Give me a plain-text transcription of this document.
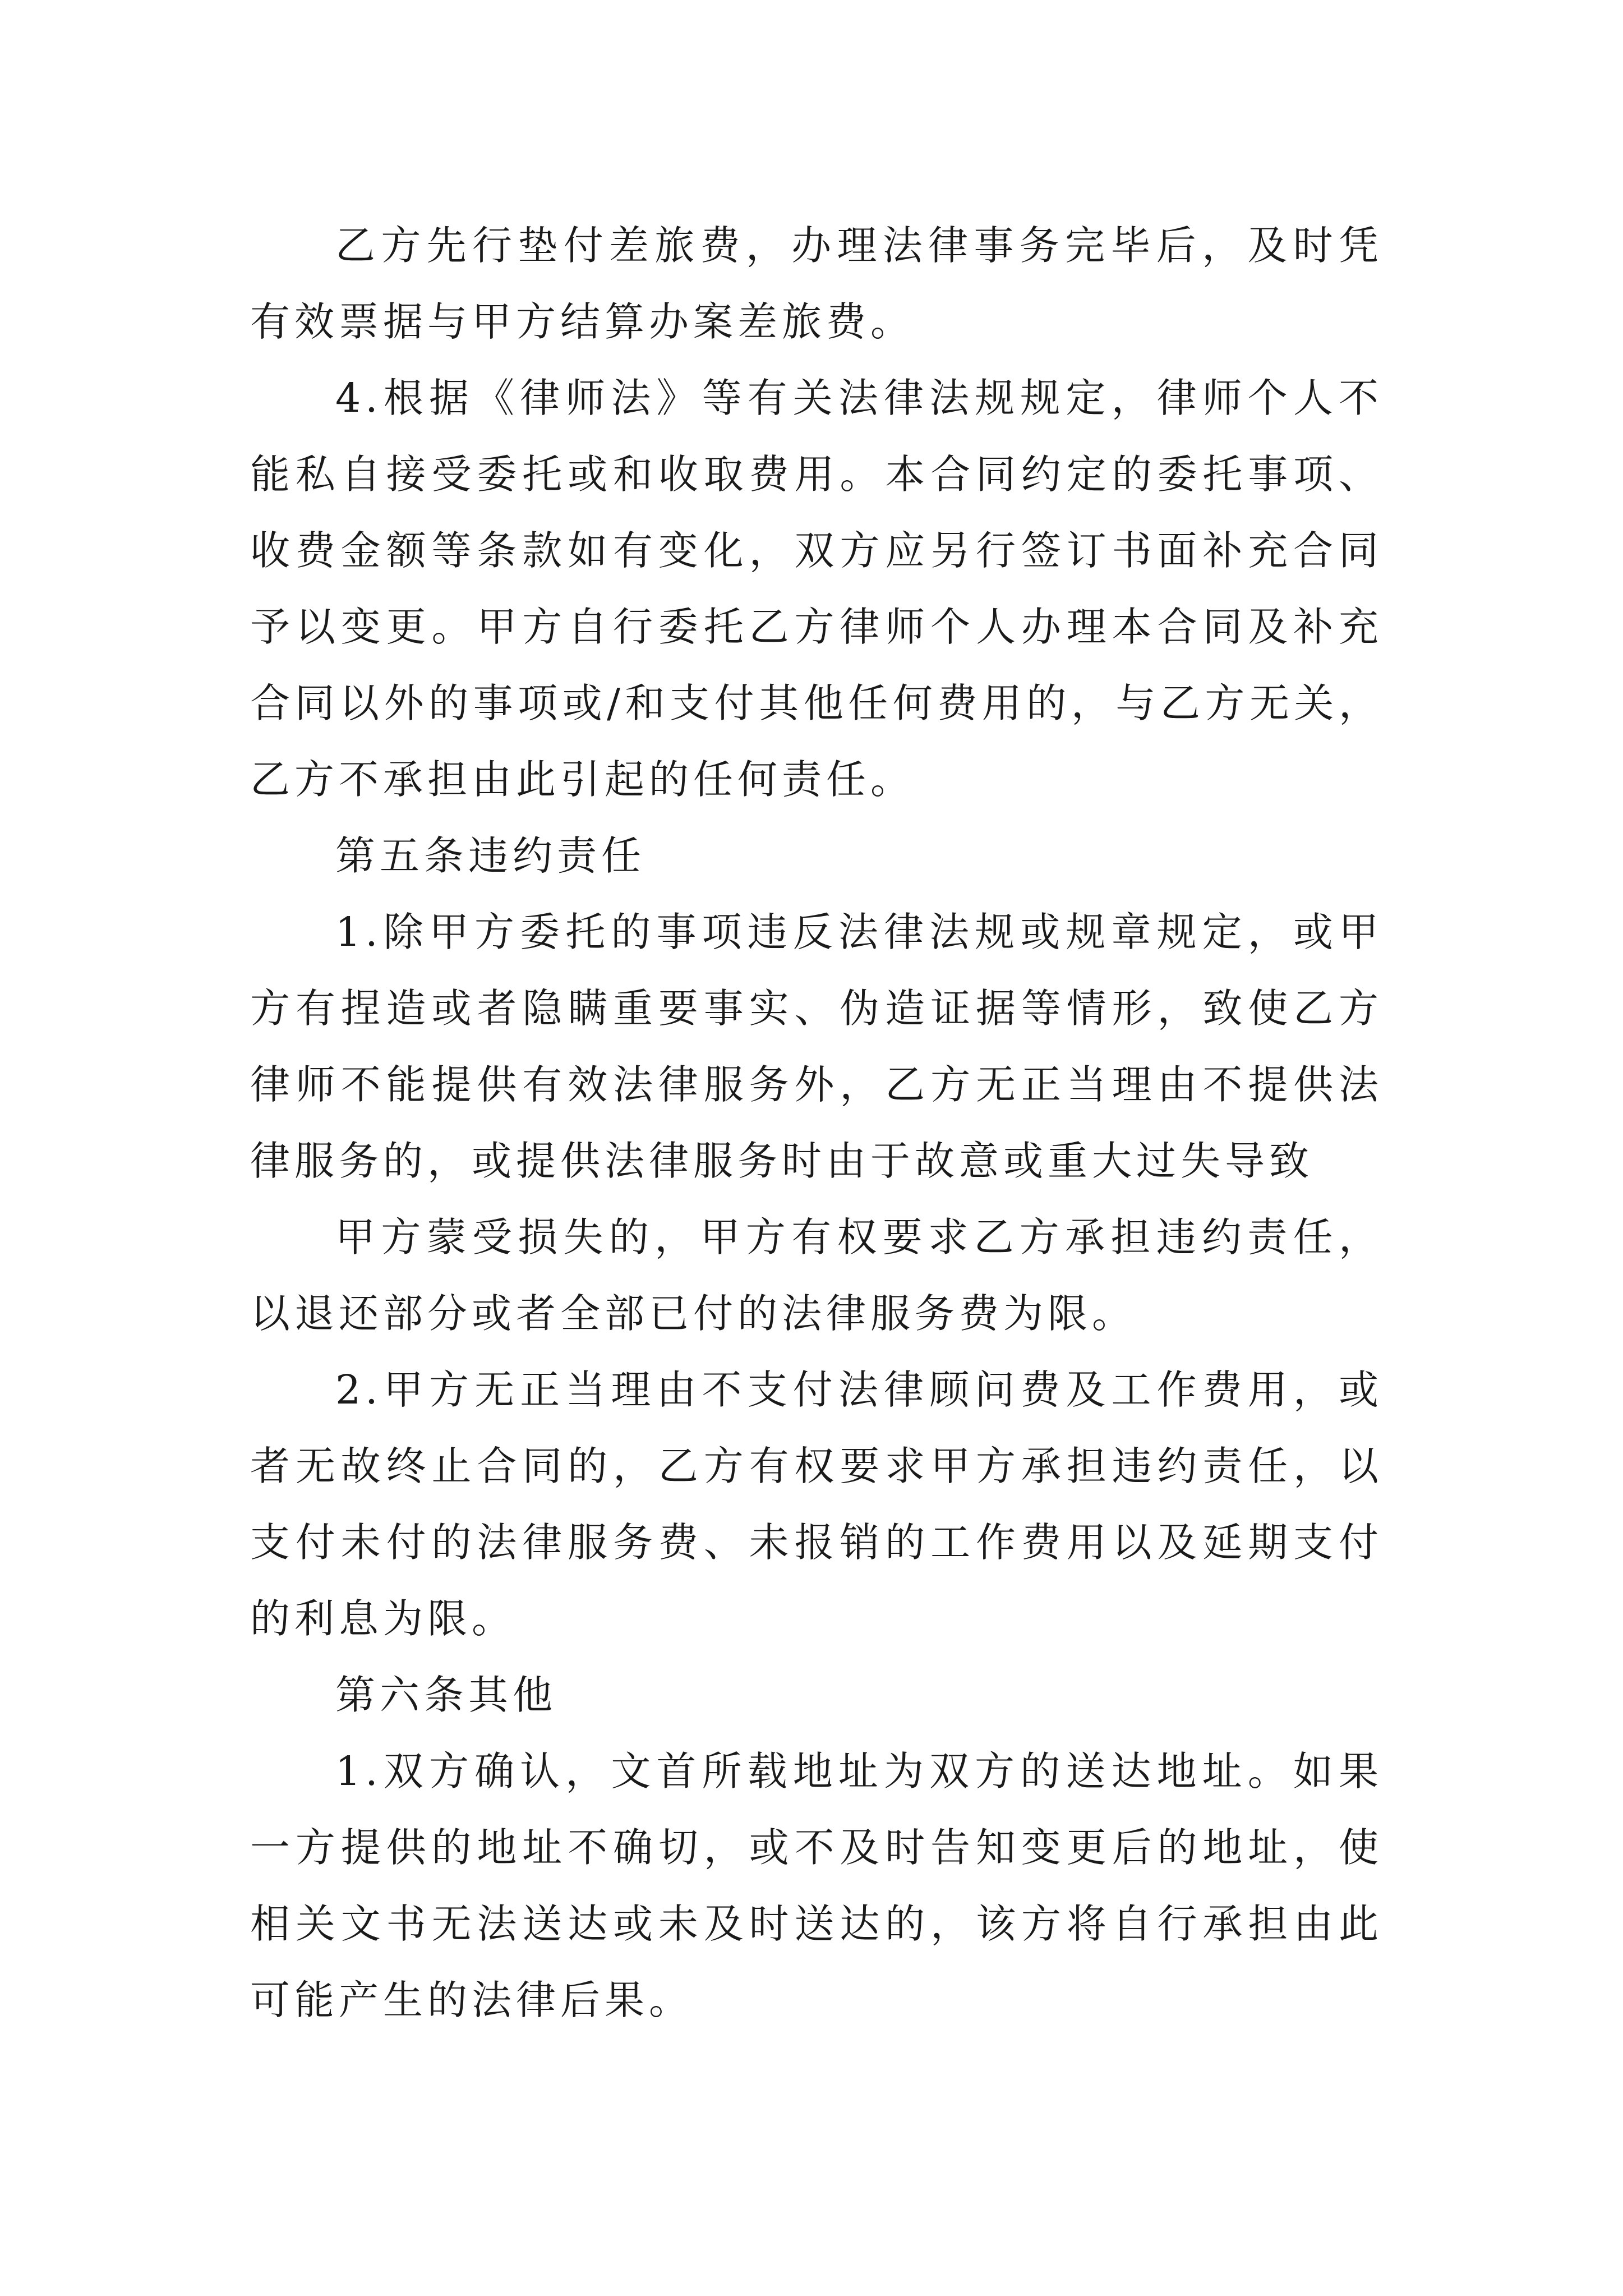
乙方先行垫付差旅费，办理法律事务完毕后，及时凭有效票据与甲方结算办案差旅费。

4.根据《律师法》等有关法律法规规定，律师个人不能私自接受委托或和收取费用。本合同约定的委托事项、收费金额等条款如有变化，双方应另行签订书面补充合同予以变更。甲方自行委托乙方律师个人办理本合同及补充合同以外的事项或/和支付其他任何费用的，与乙方无关，乙方不承担由此引起的任何责任。

第五条违约责任

1.除甲方委托的事项违反法律法规或规章规定，或甲方有捏造或者隐瞒重要事实、伪造证据等情形，致使乙方律师不能提供有效法律服务外，乙方无正当理由不提供法律服务的，或提供法律服务时由于故意或重大过失导致

甲方蒙受损失的，甲方有权要求乙方承担违约责任，以退还部分或者全部已付的法律服务费为限。

2.甲方无正当理由不支付法律顾问费及工作费用，或者无故终止合同的，乙方有权要求甲方承担违约责任，以支付未付的法律服务费、未报销的工作费用以及延期支付的利息为限。

第六条其他

1.双方确认，文首所载地址为双方的送达地址。如果一方提供的地址不确切，或不及时告知变更后的地址，使相关文书无法送达或未及时送达的，该方将自行承担由此可能产生的法律后果。
